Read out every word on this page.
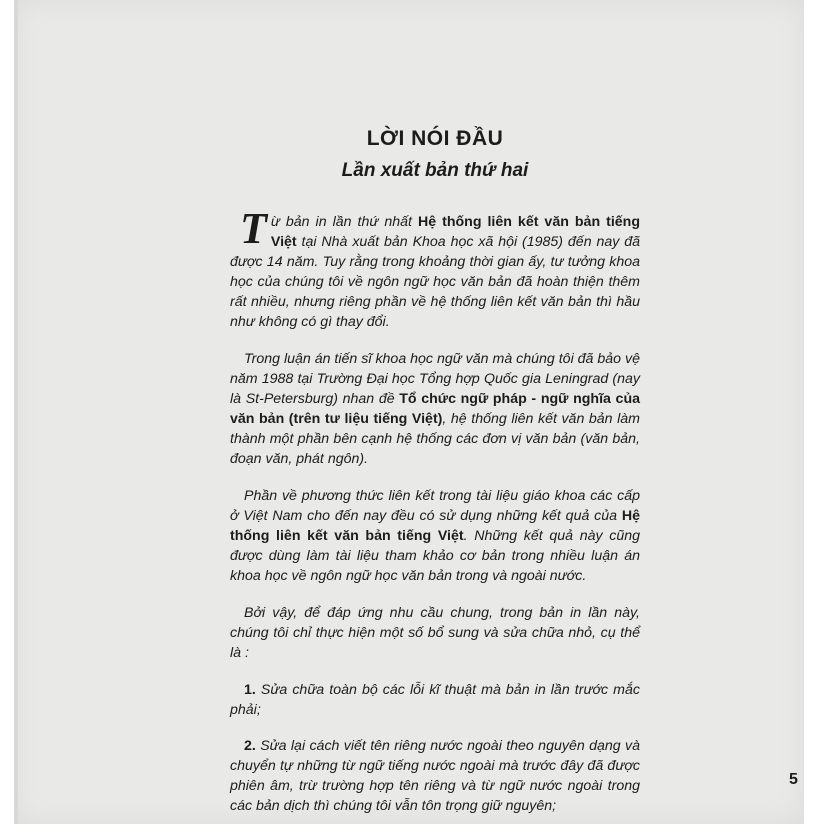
LỜI NÓI ĐẦU
Lần xuất bản thứ hai

Từ bản in lần thứ nhất Hệ thống liên kết văn bản tiếng Việt tại Nhà xuất bản Khoa học xã hội (1985) đến nay đã được 14 năm. Tuy rằng trong khoảng thời gian ấy, tư tưởng khoa học của chúng tôi về ngôn ngữ học văn bản đã hoàn thiện thêm rất nhiều, nhưng riêng phần về hệ thống liên kết văn bản thì hầu như không có gì thay đổi.

Trong luận án tiến sĩ khoa học ngữ văn mà chúng tôi đã bảo vệ năm 1988 tại Trường Đại học Tổng hợp Quốc gia Leningrad (nay là St-Petersburg) nhan đề Tổ chức ngữ pháp - ngữ nghĩa của văn bản (trên tư liệu tiếng Việt), hệ thống liên kết văn bản làm thành một phần bên cạnh hệ thống các đơn vị văn bản (văn bản, đoạn văn, phát ngôn).

Phần về phương thức liên kết trong tài liệu giáo khoa các cấp ở Việt Nam cho đến nay đều có sử dụng những kết quả của Hệ thống liên kết văn bản tiếng Việt. Những kết quả này cũng được dùng làm tài liệu tham khảo cơ bản trong nhiều luận án khoa học về ngôn ngữ học văn bản trong và ngoài nước.

Bởi vậy, để đáp ứng nhu cầu chung, trong bản in lần này, chúng tôi chỉ thực hiện một số bổ sung và sửa chữa nhỏ, cụ thể là :

1. Sửa chữa toàn bộ các lỗi kĩ thuật mà bản in lần trước mắc phải;

2. Sửa lại cách viết tên riêng nước ngoài theo nguyên dạng và chuyển tự những từ ngữ tiếng nước ngoài mà trước đây đã được phiên âm, trừ trường hợp tên riêng và từ ngữ nước ngoài trong các bản dịch thì chúng tôi vẫn tôn trọng giữ nguyên;

5
